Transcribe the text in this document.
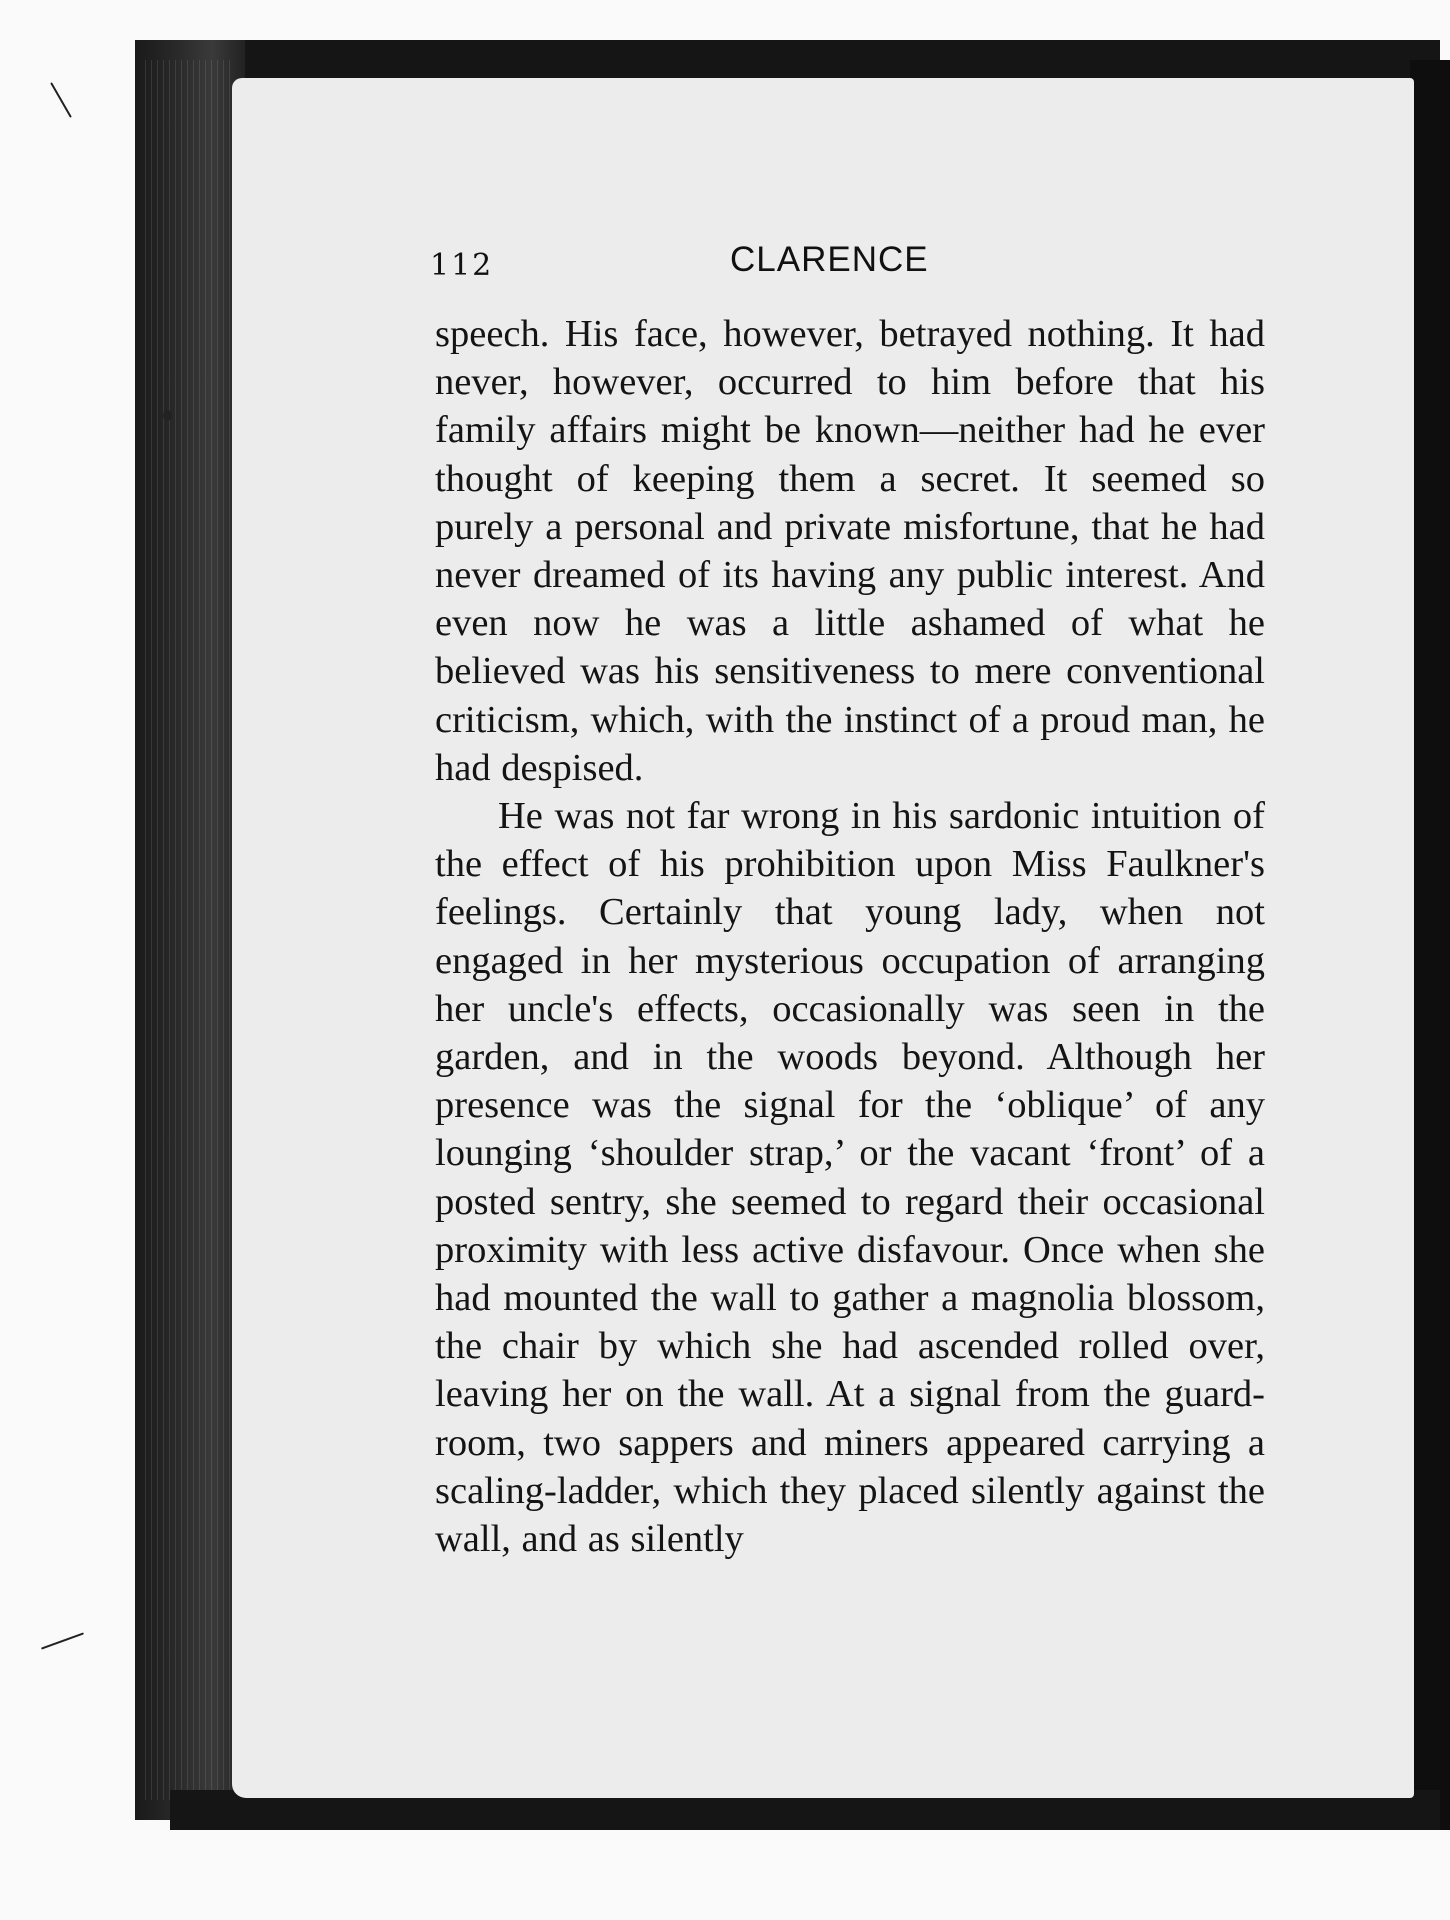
112	CLARENCE

speech. His face, however, betrayed nothing. It had never, however, occurred to him before that his family affairs might be known—neither had he ever thought of keeping them a secret. It seemed so purely a personal and private misfortune, that he had never dreamed of its having any public interest. And even now he was a little ashamed of what he believed was his sensitiveness to mere conventional criticism, which, with the instinct of a proud man, he had despised.

He was not far wrong in his sardonic intuition of the effect of his prohibition upon Miss Faulkner's feelings. Certainly that young lady, when not engaged in her mysterious occupation of arranging her uncle's effects, occasionally was seen in the garden, and in the woods beyond. Although her presence was the signal for the ‘oblique’ of any lounging ‘shoulder strap,’ or the vacant ‘front’ of a posted sentry, she seemed to regard their occasional proximity with less active disfavour. Once when she had mounted the wall to gather a magnolia blossom, the chair by which she had ascended rolled over, leaving her on the wall. At a signal from the guard-room, two sappers and miners appeared carrying a scaling-ladder, which they placed silently against the wall, and as silently
